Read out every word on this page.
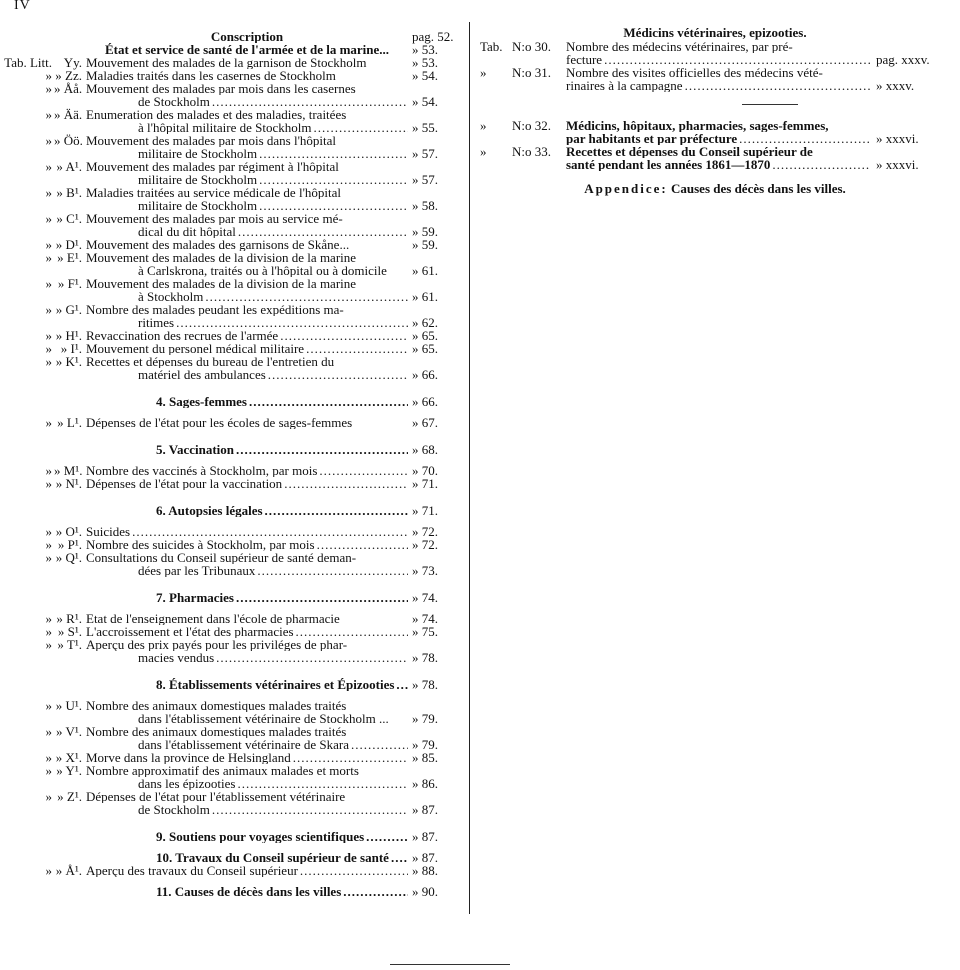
IV
Conscription	pag. 52.
État et service de santé de l'armée et de la marine... » 53.
Tab. Litt. Yy. Mouvement des malades de la garnison de Stockholm	» 53.
» » Zz. Maladies traités dans les casernes de Stockholm	» 54.
» » Åå. Mouvement des malades par mois dans les casernes
de Stockholm .....	» 54.
» » Ää. Enumeration des malades et des maladies, traitées
à l'hôpital militaire de Stockholm .....	» 55.
» » Öö. Mouvement des malades par mois dans l'hôpital
militaire de Stockholm .....	» 57.
» » A¹. Mouvement des malades par régiment à l'hôpital
militaire de Stockholm .....	» 57.
» » B¹. Maladies traitées au service médicale de l'hôpital
militaire de Stockholm .....	» 58.
» » C¹. Mouvement des malades par mois au service mé-
dical du dit hôpital .....	» 59.
» » D¹. Mouvement des malades des garnisons de Skåne...	» 59.
» » E¹. Mouvement des malades de la division de la marine
à Carlskrona, traités ou à l'hôpital ou à domicile » 61.
» » F¹. Mouvement des malades de la division de la marine
à Stockholm .....	» 61.
» » G¹. Nombre des malades peudant les expéditions ma-
ritimes .....	» 62.
» » H¹. Revaccination des recrues de l'armée .....	» 65.
» » I¹. Mouvement du personel médical militaire .....	» 65.
» » K¹. Recettes et dépenses du bureau de l'entretien du
matériel des ambulances .....	» 66.
4. Sages-femmes .....	» 66.
» » L¹. Dépenses de l'état pour les écoles de sages-femmes	» 67.
5. Vaccination .....	» 68.
» » M¹. Nombre des vaccinés à Stockholm, par mois .....	» 70.
» » N¹. Dépenses de l'état pour la vaccination .....	» 71.
6. Autopsies légales .....	» 71.
» » O¹. Suicides .....	» 72.
» » P¹. Nombre des suicides à Stockholm, par mois .....	» 72.
» » Q¹. Consultations du Conseil supérieur de santé deman-
dées par les Tribunaux .....	» 73.
7. Pharmacies .....	» 74.
» » R¹. Etat de l'enseignement dans l'école de pharmacie	» 74.
» » S¹. L'accroissement et l'état des pharmacies .....	» 75.
» » T¹. Aperçu des prix payés pour les priviléges de phar-
macies vendus .....	» 78.
8. Établissements vétérinaires et Épizooties ..... » 78.
» » U¹. Nombre des animaux domestiques malades traités
dans l'établissement vétérinaire de Stockholm ... » 79.
» » V¹. Nombre des animaux domestiques malades traités
dans l'établissement vétérinaire de Skara .....	» 79.
» » X¹. Morve dans la province de Helsingland .....	» 85.
» » Y¹. Nombre approximatif des animaux malades et morts
dans les épizooties .....	» 86.
» » Z¹. Dépenses de l'état pour l'établissement vétérinaire
de Stockholm .....	» 87.
9. Soutiens pour voyages scientifiques .....	» 87.
10. Travaux du Conseil supérieur de santé ..... » 87.
» » Å¹. Aperçu des travaux du Conseil supérieur .....	» 88.
11. Causes de décès dans les villes .....	» 90.
Médicins vétérinaires, epizooties.
Tab. N:o 30.	Nombre des médecins vétérinaires, par pré-
fecture .....	pag. xxxv.
»	N:o 31.	Nombre des visites officielles des médecins vété-
rinaires à la campagne .....	» xxxv.
»	N:o 32.	Médicins, hôpitaux, pharmacies, sages-femmes,
par habitants et par préfecture .....	» xxxvi.
»	N:o 33.	Recettes et dépenses du Conseil supérieur de
santé pendant les années 1861—1870 .....	» xxxvi.
Appendice: Causes des décès dans les villes.
